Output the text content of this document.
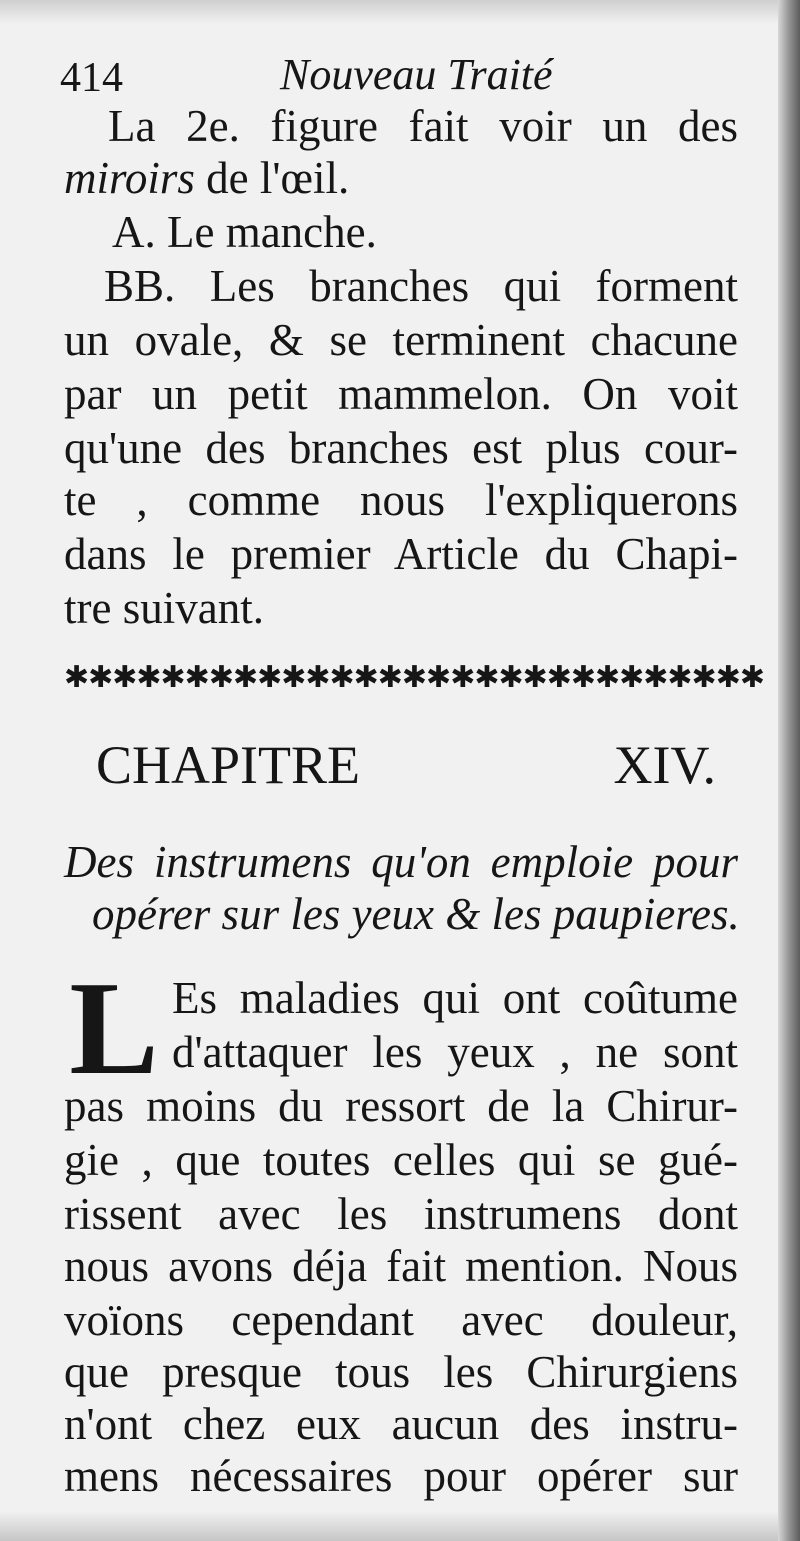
414	Nouveau Traité

La 2e. figure fait voir un des

miroirs de l'œil.

A. Le manche.

BB. Les branches qui forment

un ovale, & se terminent chacune

par un petit mammelon. On voit

qu'une des branches est plus cour-

te , comme nous l'expliquerons

dans le premier Article du Chapi-

tre suivant.

✱✱✱✱✱✱✱✱✱✱✱✱✱✱✱✱✱✱✱✱✱✱✱✱✱✱✱✱✱
CHAPITRE XIV.

Des instrumens qu'on emploie pour

opérer sur les yeux & les paupieres.

L Es maladies qui ont coûtume

d'attaquer les yeux , ne sont

pas moins du ressort de la Chirur-

gie , que toutes celles qui se gué-

rissent avec les instrumens dont

nous avons déja fait mention. Nous

voïons cependant avec douleur,

que presque tous les Chirurgiens

n'ont chez eux aucun des instru-

mens nécessaires pour opérer sur
